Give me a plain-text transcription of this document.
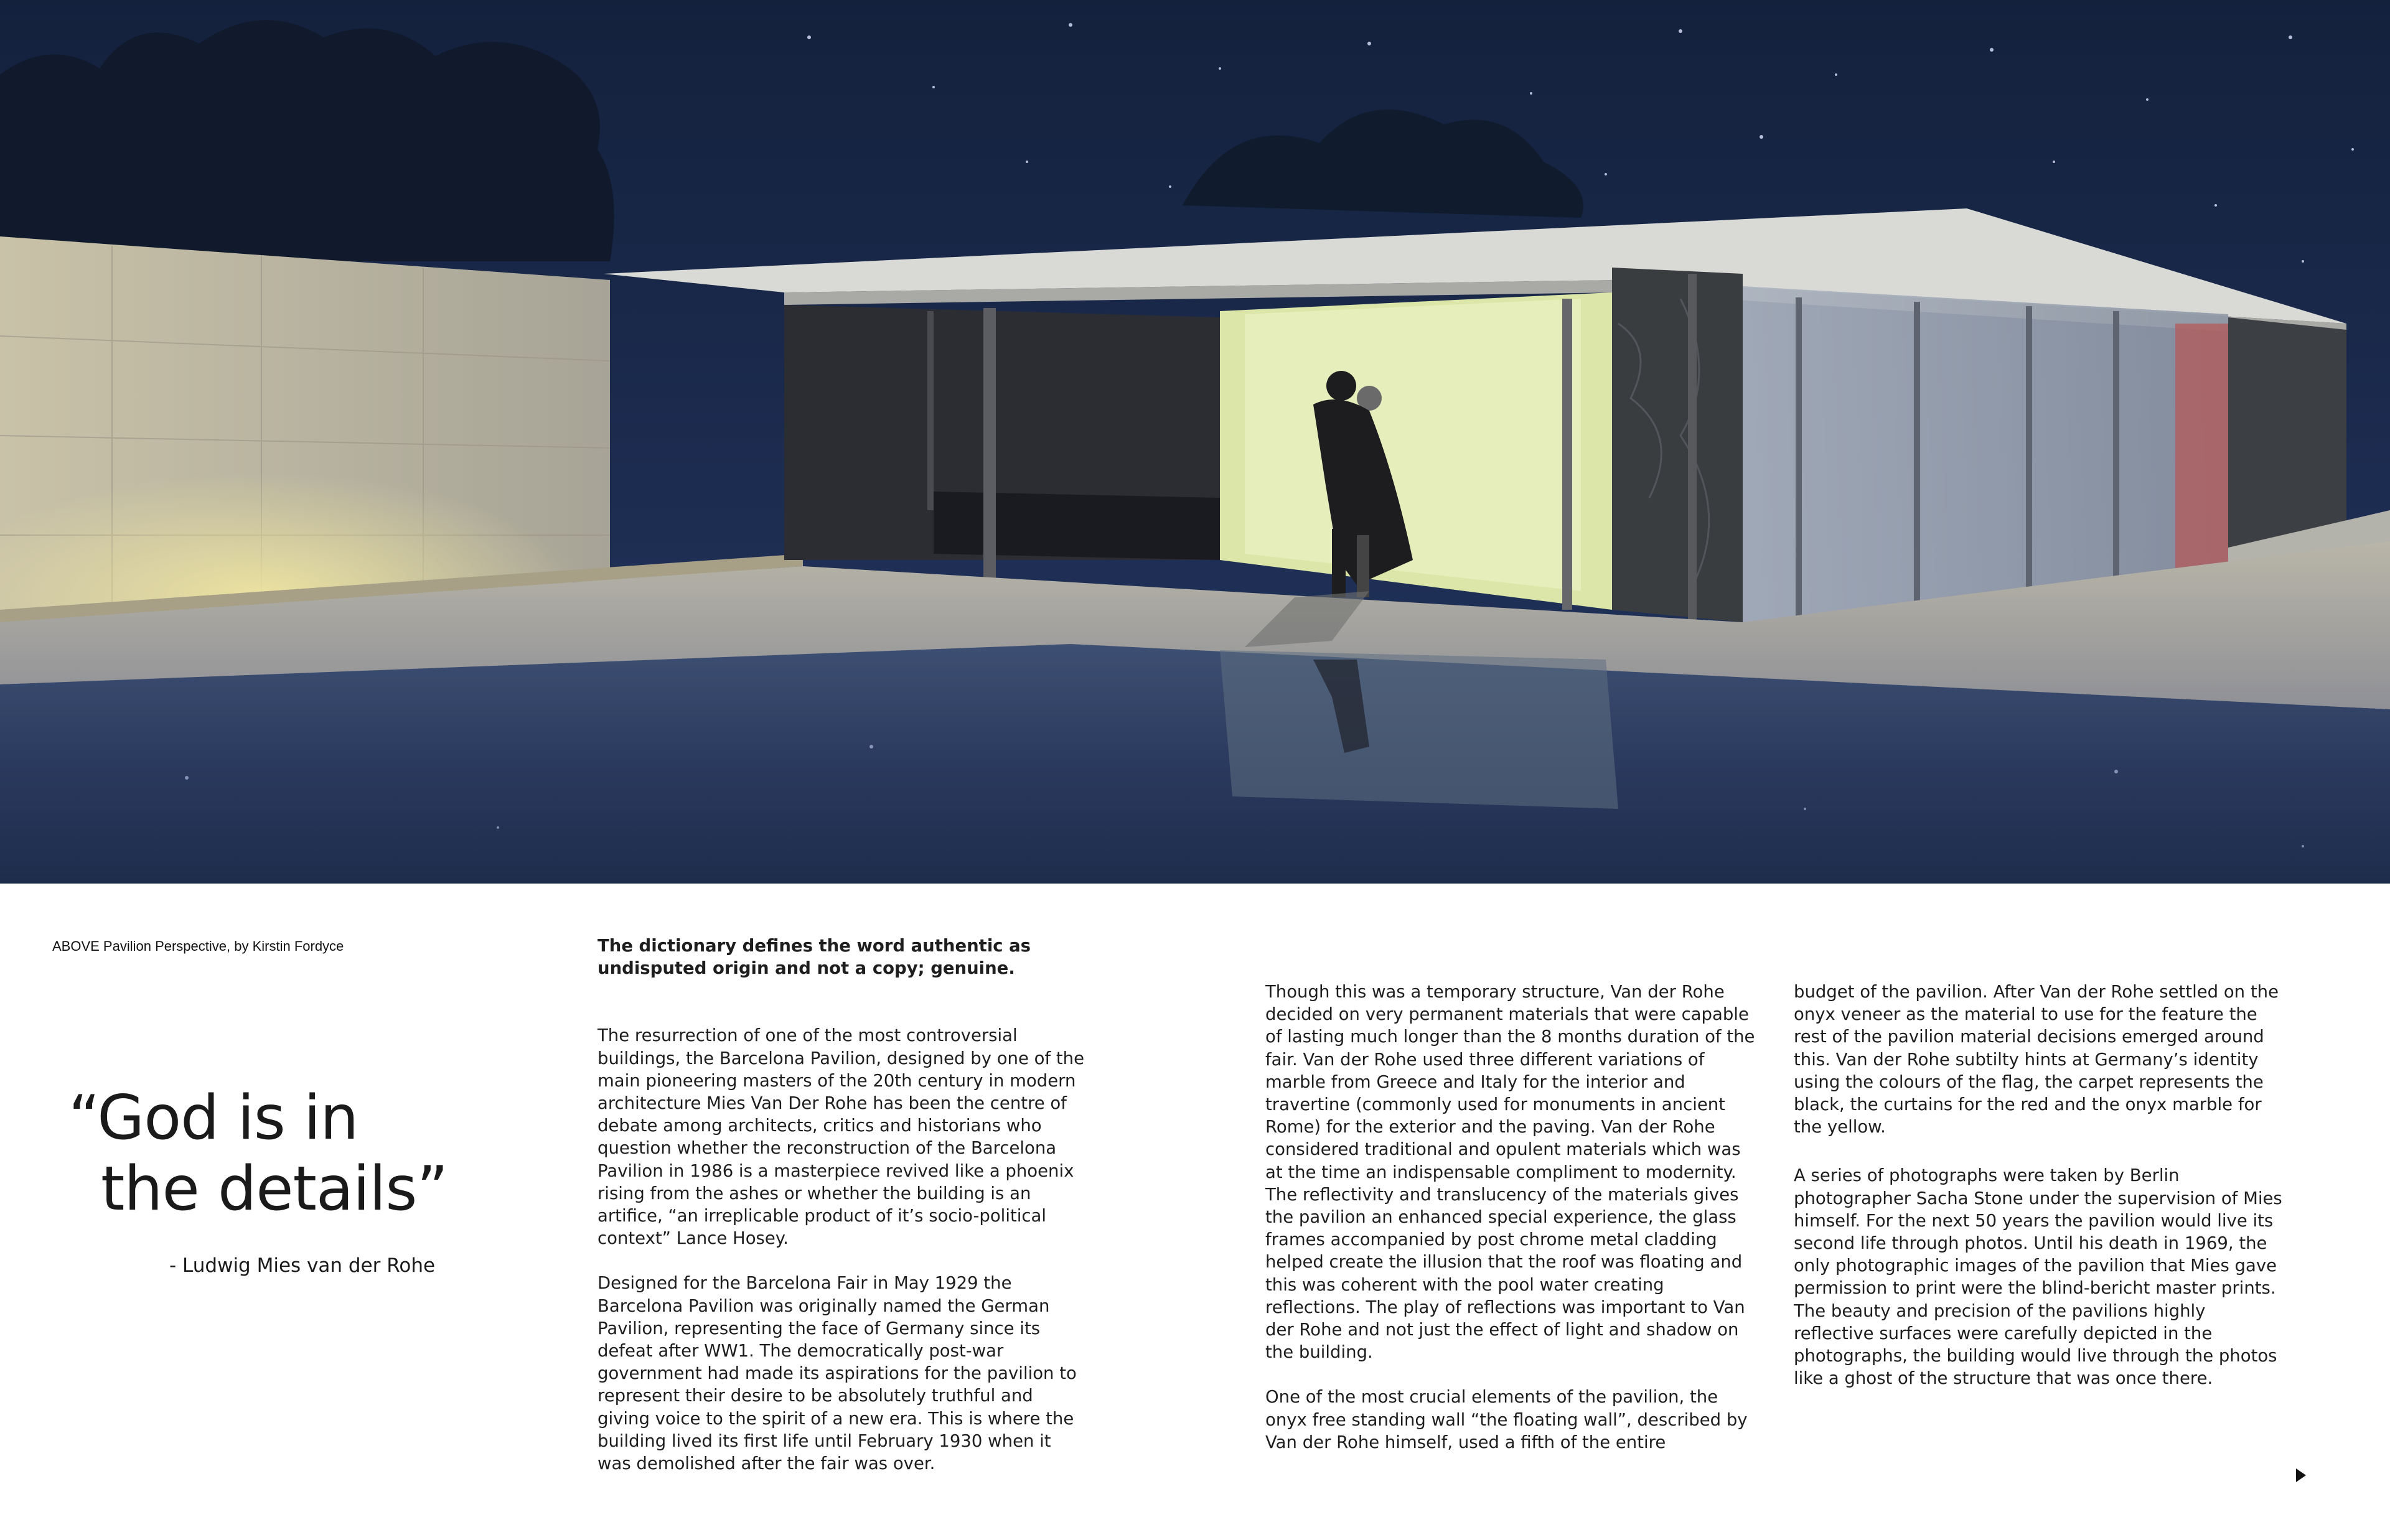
ABOVE Pavilion Perspective, by Kirstin Fordyce
“God is in
the details”
- Ludwig Mies van der Rohe

The dictionary defines the word authentic as undisputed origin and not a copy; genuine.

The resurrection of one of the most controversial buildings, the Barcelona Pavilion, designed by one of the main pioneering masters of the 20th century in modern architecture Mies Van Der Rohe has been the centre of debate among architects, critics and historians who question whether the reconstruction of the Barcelona Pavilion in 1986 is a masterpiece revived like a phoenix rising from the ashes or whether the building is an artifice, “an irreplicable product of it’s socio-political context” Lance Hosey.

Designed for the Barcelona Fair in May 1929 the Barcelona Pavilion was originally named the German Pavilion, representing the face of Germany since its defeat after WW1. The democratically post-war government had made its aspirations for the pavilion to represent their desire to be absolutely truthful and giving voice to the spirit of a new era. This is where the building lived its first life until February 1930 when it was demolished after the fair was over.

Though this was a temporary structure, Van der Rohe decided on very permanent materials that were capable of lasting much longer than the 8 months duration of the fair. Van der Rohe used three different variations of marble from Greece and Italy for the interior and travertine (commonly used for monuments in ancient Rome) for the exterior and the paving. Van der Rohe considered traditional and opulent materials which was at the time an indispensable compliment to modernity. The reflectivity and translucency of the materials gives the pavilion an enhanced special experience, the glass frames accompanied by post chrome metal cladding helped create the illusion that the roof was floating and this was coherent with the pool water creating reflections. The play of reflections was important to Van der Rohe and not just the effect of light and shadow on the building.

One of the most crucial elements of the pavilion, the onyx free standing wall “the floating wall”, described by Van der Rohe himself, used a fifth of the entire

budget of the pavilion. After Van der Rohe settled on the onyx veneer as the material to use for the feature the rest of the pavilion material decisions emerged around this. Van der Rohe subtilty hints at Germany’s identity using the colours of the flag, the carpet represents the black, the curtains for the red and the onyx marble for the yellow.

A series of photographs were taken by Berlin photographer Sacha Stone under the supervision of Mies himself. For the next 50 years the pavilion would live its second life through photos. Until his death in 1969, the only photographic images of the pavilion that Mies gave permission to print were the blind-bericht master prints. The beauty and precision of the pavilions highly reflective surfaces were carefully depicted in the photographs, the building would live through the photos like a ghost of the structure that was once there.
